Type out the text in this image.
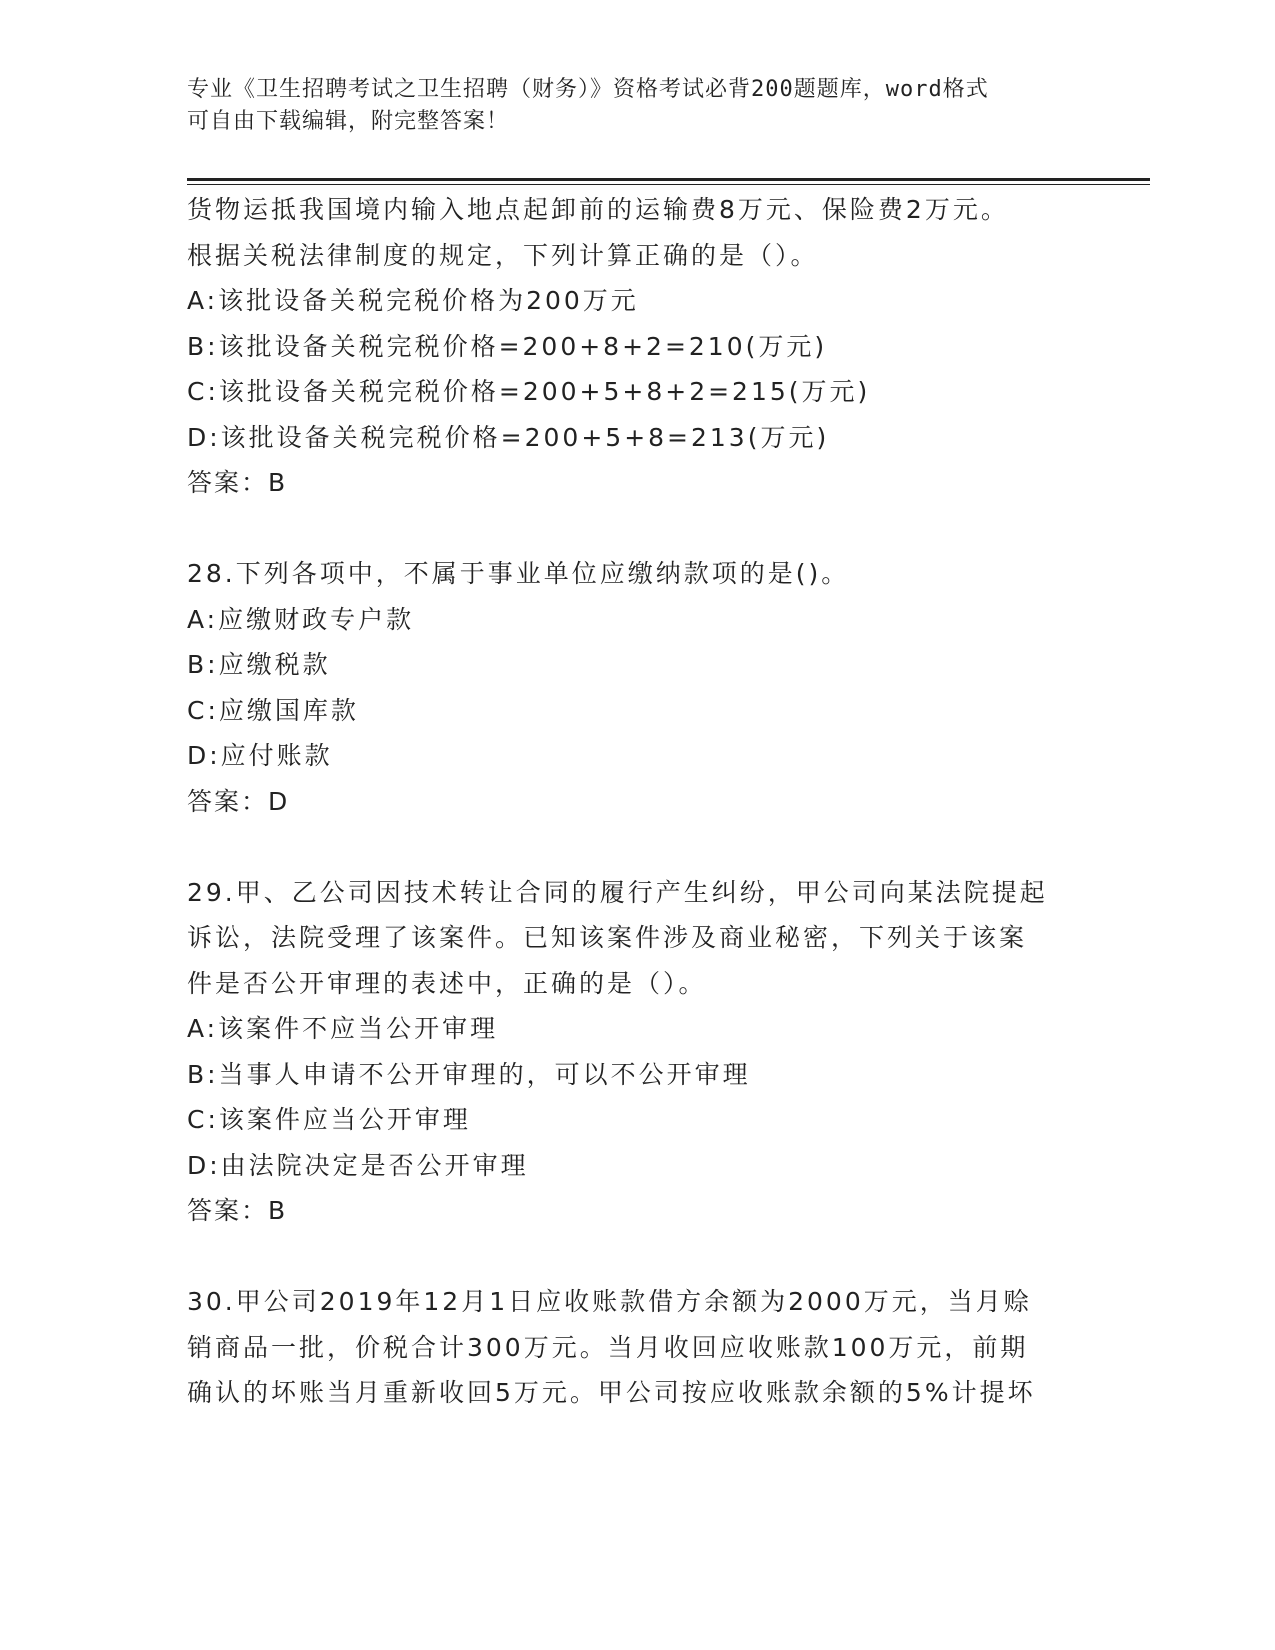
专业《卫生招聘考试之卫生招聘（财务）》资格考试必背200题题库，word格式
可自由下载编辑，附完整答案！
货物运抵我国境内输入地点起卸前的运输费8万元、保险费2万元。
根据关税法律制度的规定，下列计算正确的是（）。
A:该批设备关税完税价格为200万元
B:该批设备关税完税价格=200+8+2=210(万元)
C:该批设备关税完税价格=200+5+8+2=215(万元)
D:该批设备关税完税价格=200+5+8=213(万元)
答案：B
28.下列各项中，不属于事业单位应缴纳款项的是()。
A:应缴财政专户款
B:应缴税款
C:应缴国库款
D:应付账款
答案：D
29.甲、乙公司因技术转让合同的履行产生纠纷，甲公司向某法院提起
诉讼，法院受理了该案件。已知该案件涉及商业秘密，下列关于该案
件是否公开审理的表述中，正确的是（）。
A:该案件不应当公开审理
B:当事人申请不公开审理的，可以不公开审理
C:该案件应当公开审理
D:由法院决定是否公开审理
答案：B
30.甲公司2019年12月1日应收账款借方余额为2000万元，当月赊
销商品一批，价税合计300万元。当月收回应收账款100万元，前期
确认的坏账当月重新收回5万元。甲公司按应收账款余额的5%计提坏
